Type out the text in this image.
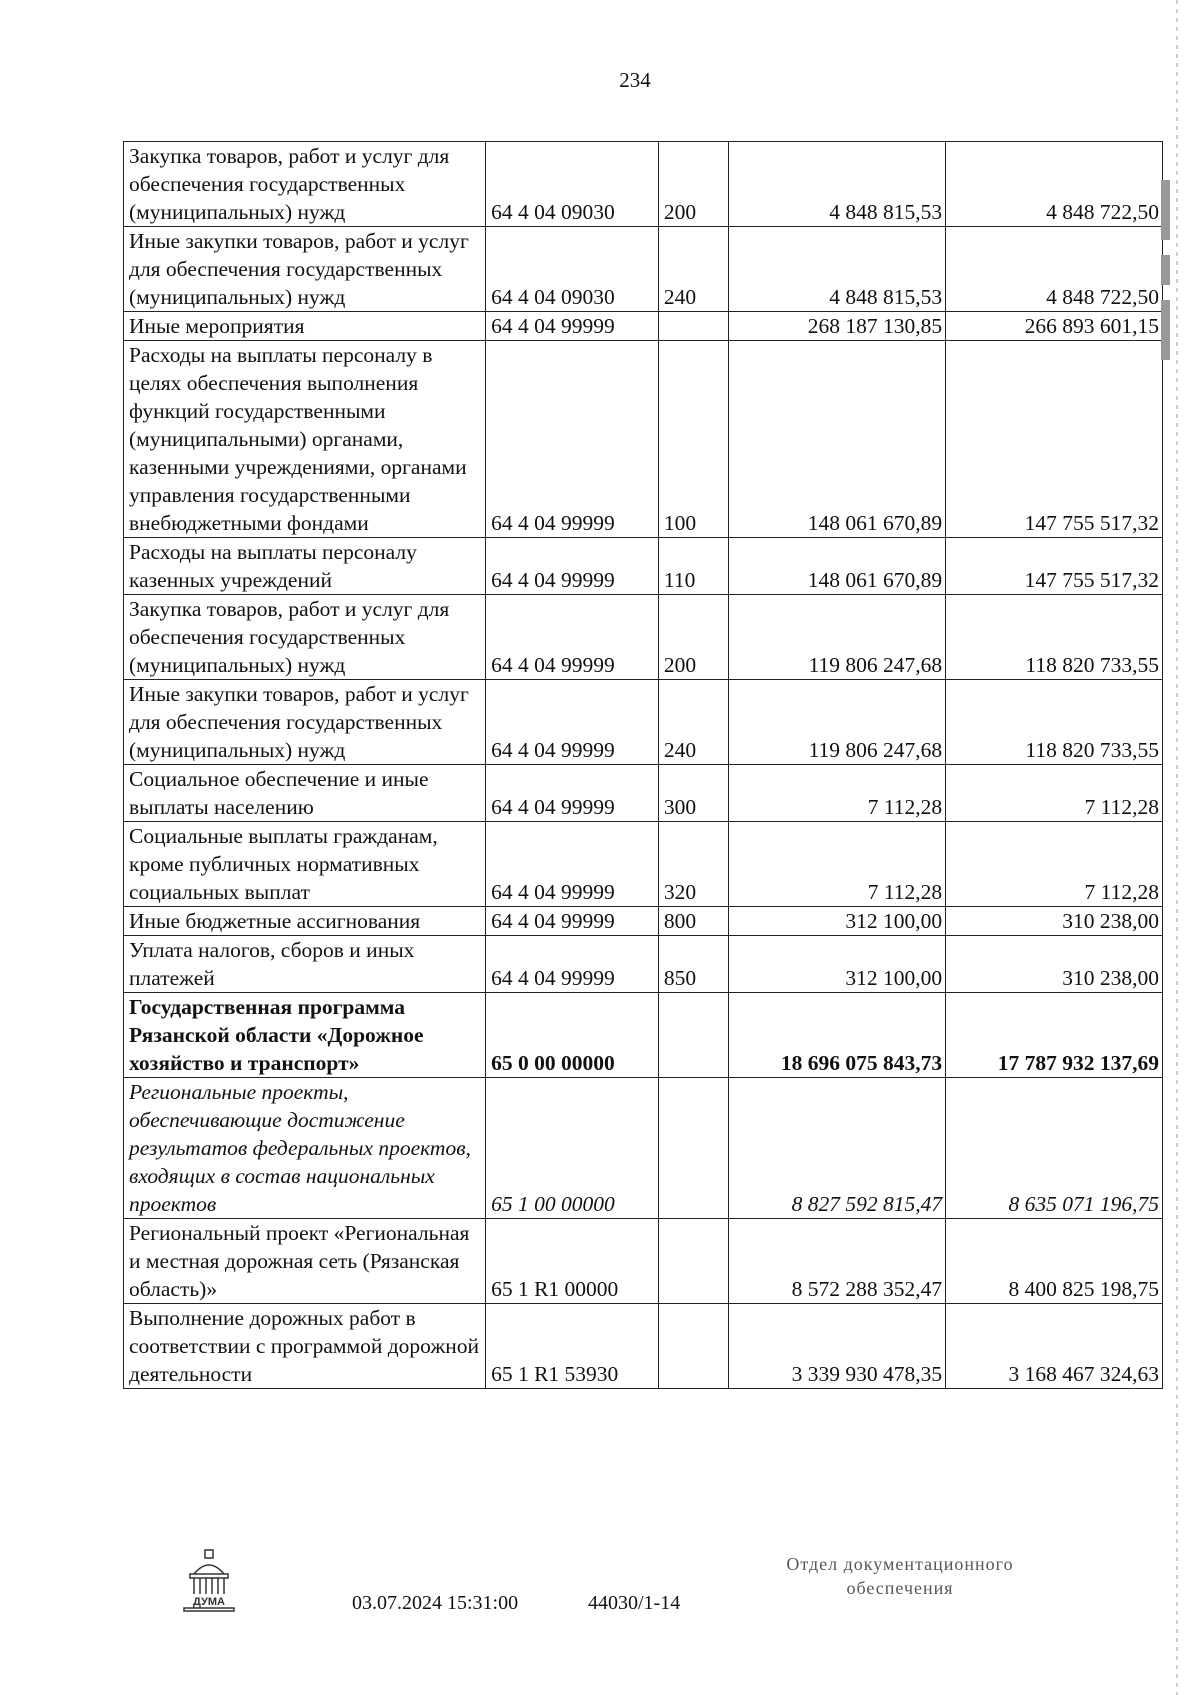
234
Закупка товаров, работ и услуг для обеспечения государственных (муниципальных) нужд	64 4 04 09030	200	4 848 815,53	4 848 722,50
Иные закупки товаров, работ и услуг для обеспечения государственных (муниципальных) нужд	64 4 04 09030	240	4 848 815,53	4 848 722,50
Иные мероприятия	64 4 04 99999		268 187 130,85	266 893 601,15
Расходы на выплаты персоналу в целях обеспечения выполнения функций государственными (муниципальными) органами, казенными учреждениями, органами управления государственными внебюджетными фондами	64 4 04 99999	100	148 061 670,89	147 755 517,32
Расходы на выплаты персоналу казенных учреждений	64 4 04 99999	110	148 061 670,89	147 755 517,32
Закупка товаров, работ и услуг для обеспечения государственных (муниципальных) нужд	64 4 04 99999	200	119 806 247,68	118 820 733,55
Иные закупки товаров, работ и услуг для обеспечения государственных (муниципальных) нужд	64 4 04 99999	240	119 806 247,68	118 820 733,55
Социальное обеспечение и иные выплаты населению	64 4 04 99999	300	7 112,28	7 112,28
Социальные выплаты гражданам, кроме публичных нормативных социальных выплат	64 4 04 99999	320	7 112,28	7 112,28
Иные бюджетные ассигнования	64 4 04 99999	800	312 100,00	310 238,00
Уплата налогов, сборов и иных платежей	64 4 04 99999	850	312 100,00	310 238,00
Государственная программа Рязанской области «Дорожное хозяйство и транспорт»	65 0 00 00000		18 696 075 843,73	17 787 932 137,69
Региональные проекты, обеспечивающие достижение результатов федеральных проектов, входящих в состав национальных проектов	65 1 00 00000		8 827 592 815,47	8 635 071 196,75
Региональный проект «Региональная и местная дорожная сеть (Рязанская область)»	65 1 R1 00000		8 572 288 352,47	8 400 825 198,75
Выполнение дорожных работ в соответствии с программой дорожной деятельности	65 1 R1 53930		3 339 930 478,35	3 168 467 324,63
ДУМА	03.07.2024 15:31:00	44030/1-14
Отдел документационного
обеспечения
